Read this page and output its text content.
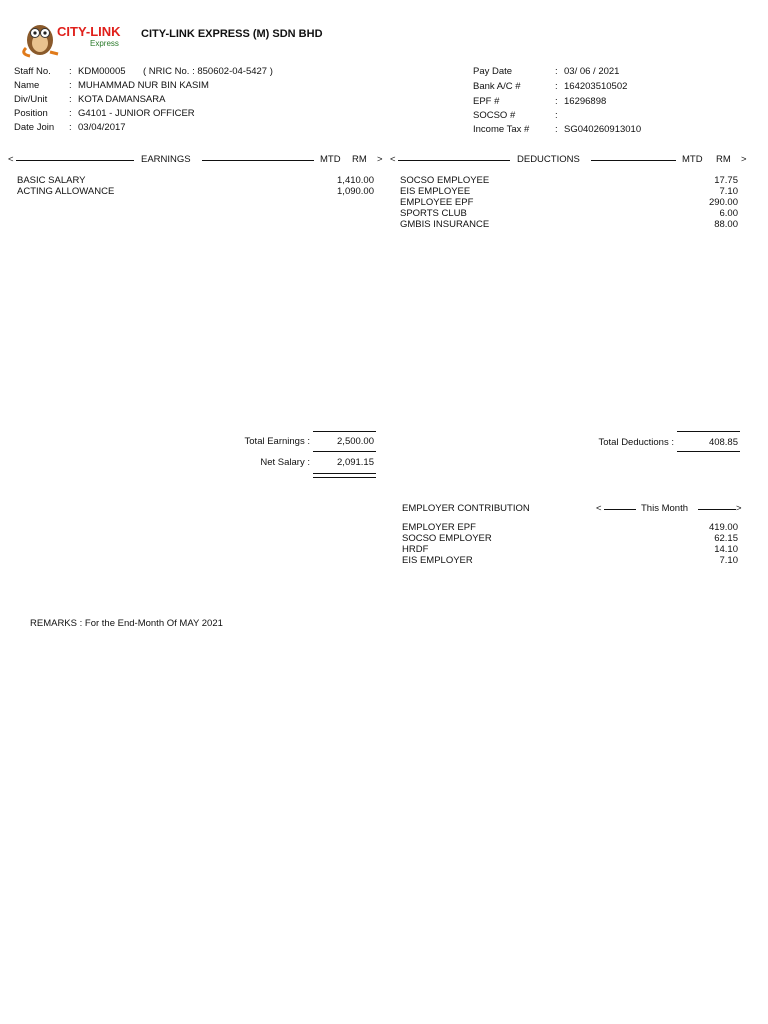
CITY-LINK
Express
CITY-LINK EXPRESS (M) SDN BHD
Staff No. : KDM00005 ( NRIC No. : 850602-04-5427 )
Name	: MUHAMMAD NUR BIN KASIM
Div/Unit : KOTA DAMANSARA
Position : G4101 - JUNIOR OFFICER
Date Join : 03/04/2017
Pay Date	: 03/ 06 / 2021
Bank A/C #	: 164203510502
EPF #	: 16296898
SOCSO #	:
Income Tax #	: SG040260913010
<	EARNINGS	MTD RM > <	DEDUCTIONS	MTD RM >
BASIC SALARY	1,410.00
ACTING ALLOWANCE	1,090.00
SOCSO EMPLOYEE	17.75
EIS EMPLOYEE	7.10
EMPLOYEE EPF	290.00
SPORTS CLUB	6.00
GMBIS INSURANCE	88.00
Total Earnings :	2,500.00
Net Salary :	2,091.15
Total Deductions :	408.85
EMPLOYER CONTRIBUTION	<	This Month	>
EMPLOYER EPF	419.00
SOCSO EMPLOYER	62.15
HRDF	14.10
EIS EMPLOYER	7.10
REMARKS : For the End-Month Of MAY 2021
